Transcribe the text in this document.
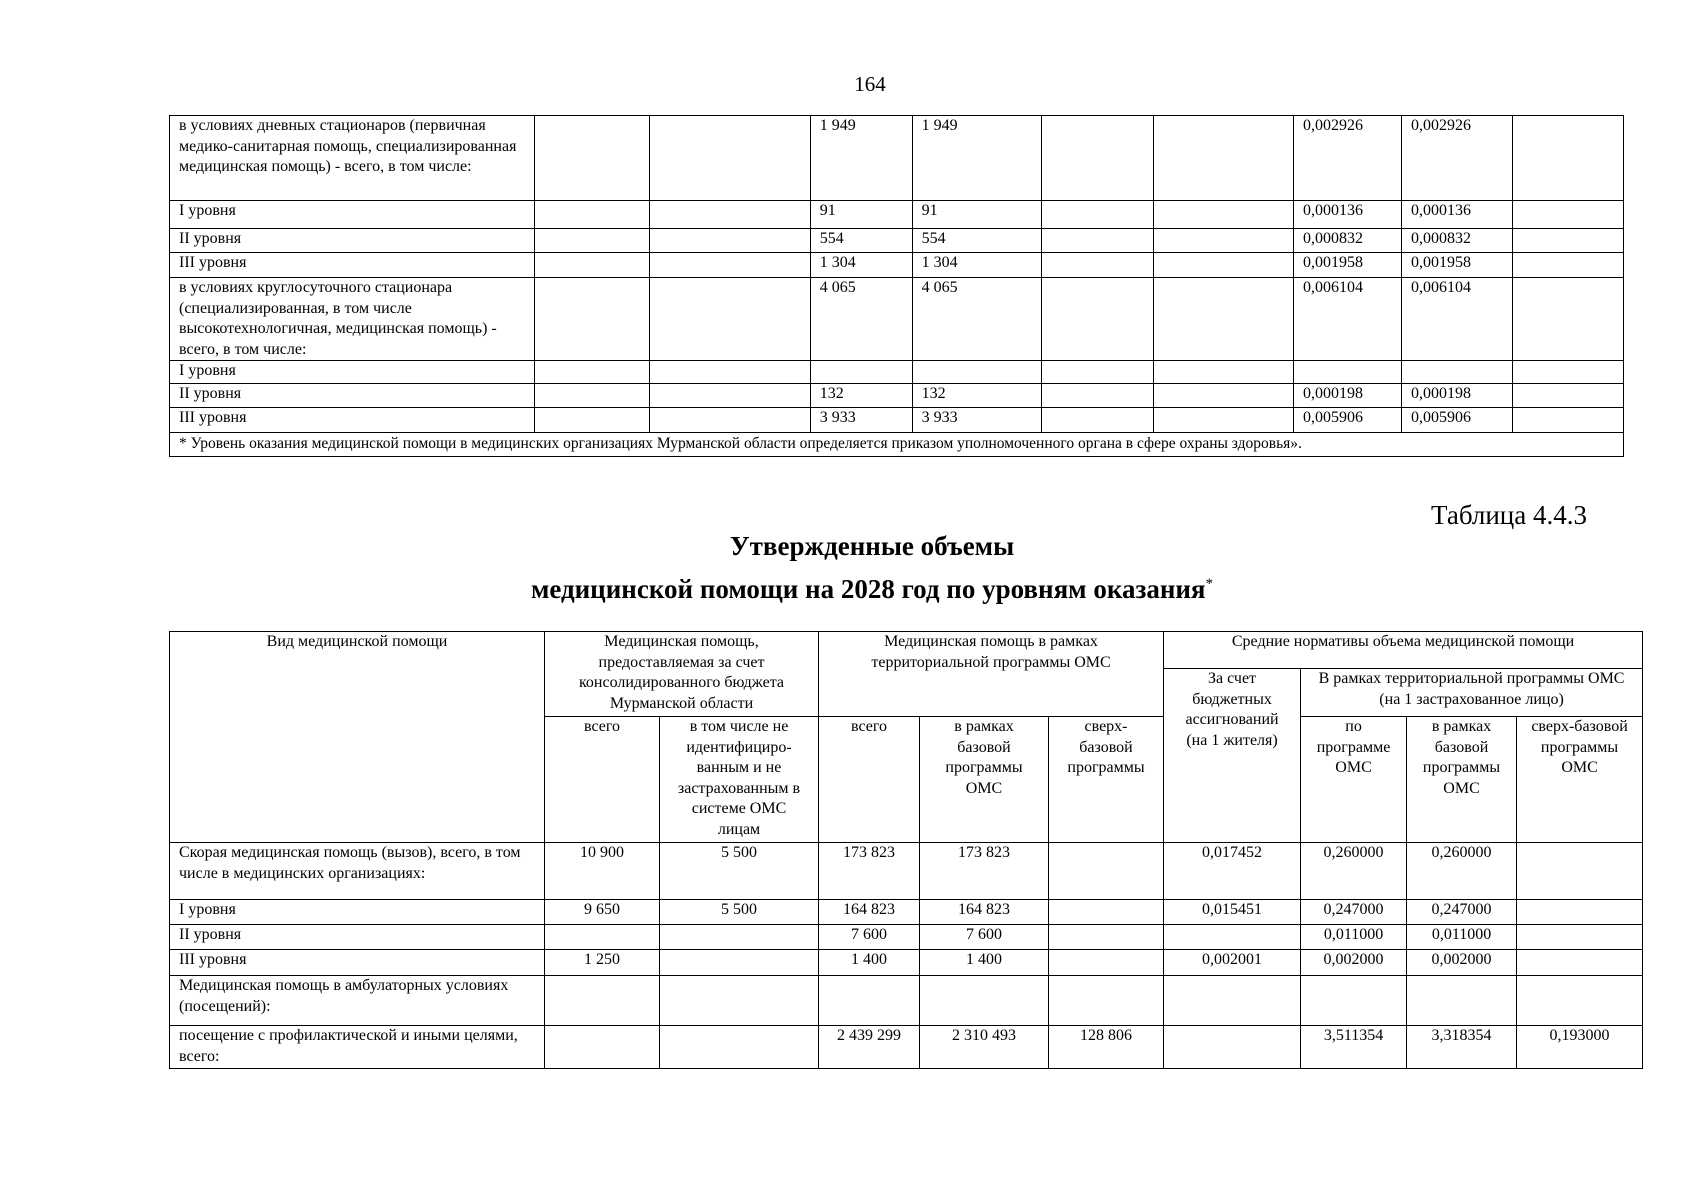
164
в условиях дневных стационаров (первичная медико-санитарная помощь, специализированная медицинская помощь) - всего, в том числе:			1 949	1 949			0,002926	0,002926	
I уровня			91	91			0,000136	0,000136	
II уровня			554	554			0,000832	0,000832	
III уровня			1 304	1 304			0,001958	0,001958	
в условиях круглосуточного стационара (специализированная, в том числе высокотехнологичная, медицинская помощь) - всего, в том числе:			4 065	4 065			0,006104	0,006104	
I уровня									
II уровня			132	132			0,000198	0,000198	
III уровня			3 933	3 933			0,005906	0,005906	
* Уровень оказания медицинской помощи в медицинских организациях Мурманской области определяется приказом уполномоченного органа в сфере охраны здоровья».									
Таблица 4.4.3
Утвержденные объемы
медицинской помощи на 2028 год по уровням оказания*
Вид медицинской помощи	Медицинская помощь, предоставляемая за счет консолидированного бюджета Мурманской области		Медицинская помощь в рамках территориальной программы ОМС			Средние нормативы объема медицинской помощи			
						За счет бюджетных ассигнований (на 1 жителя)	В рамках территориальной программы ОМС (на 1 застрахованное лицо)		
	всего	в том числе не идентифициро-ванным и не застрахованным в системе ОМС лицам	всего	в рамках базовой программы ОМС	сверх-базовой программы		по программе ОМС	в рамках базовой программы ОМС	сверх-базовой программы ОМС
Скорая медицинская помощь (вызов), всего, в том числе в медицинских организациях:	10 900	5 500	173 823	173 823		0,017452	0,260000	0,260000	
I уровня	9 650	5 500	164 823	164 823		0,015451	0,247000	0,247000	
II уровня			7 600	7 600			0,011000	0,011000	
III уровня	1 250		1 400	1 400		0,002001	0,002000	0,002000	
Медицинская помощь в амбулаторных условиях (посещений):									
посещение с профилактической и иными целями, всего:			2 439 299	2 310 493	128 806		3,511354	3,318354	0,193000
